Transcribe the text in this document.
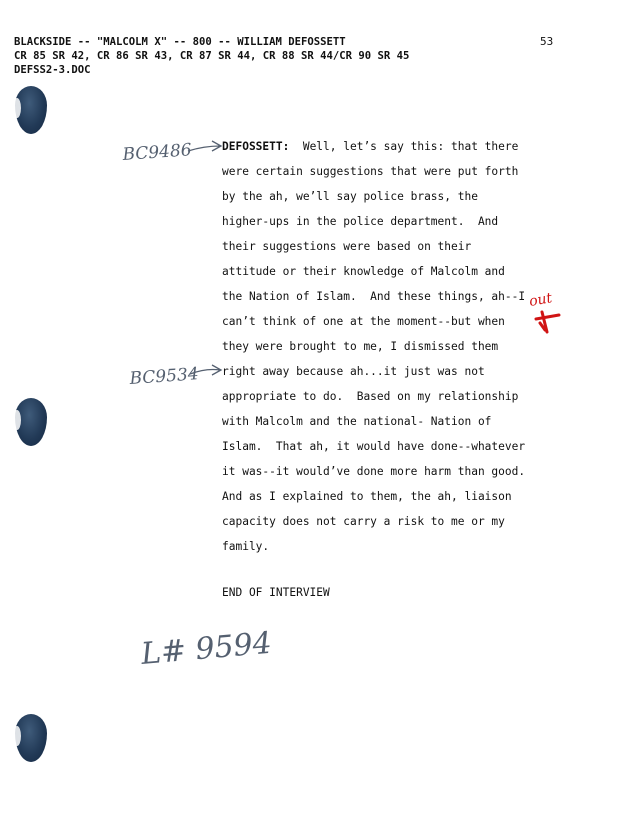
BLACKSIDE -- "MALCOLM X" -- 800 -- WILLIAM DEFOSSETT
CR 85 SR 42, CR 86 SR 43, CR 87 SR 44, CR 88 SR 44/CR 90 SR 45
DEFSS2-3.DOC
53
DEFOSSETT:  Well, let’s say this: that there
were certain suggestions that were put forth
by the ah, we’ll say police brass, the
higher-ups in the police department.  And
their suggestions were based on their
attitude or their knowledge of Malcolm and
the Nation of Islam.  And these things, ah--I
can’t think of one at the moment--but when
they were brought to me, I dismissed them
right away because ah...it just was not
appropriate to do.  Based on my relationship
with Malcolm and the national- Nation of
Islam.  That ah, it would have done--whatever
it was--it would’ve done more harm than good.
And as I explained to them, the ah, liaison
capacity does not carry a risk to me or my
family.
END OF INTERVIEW
BC9486
BC9534
out
L# 9594
